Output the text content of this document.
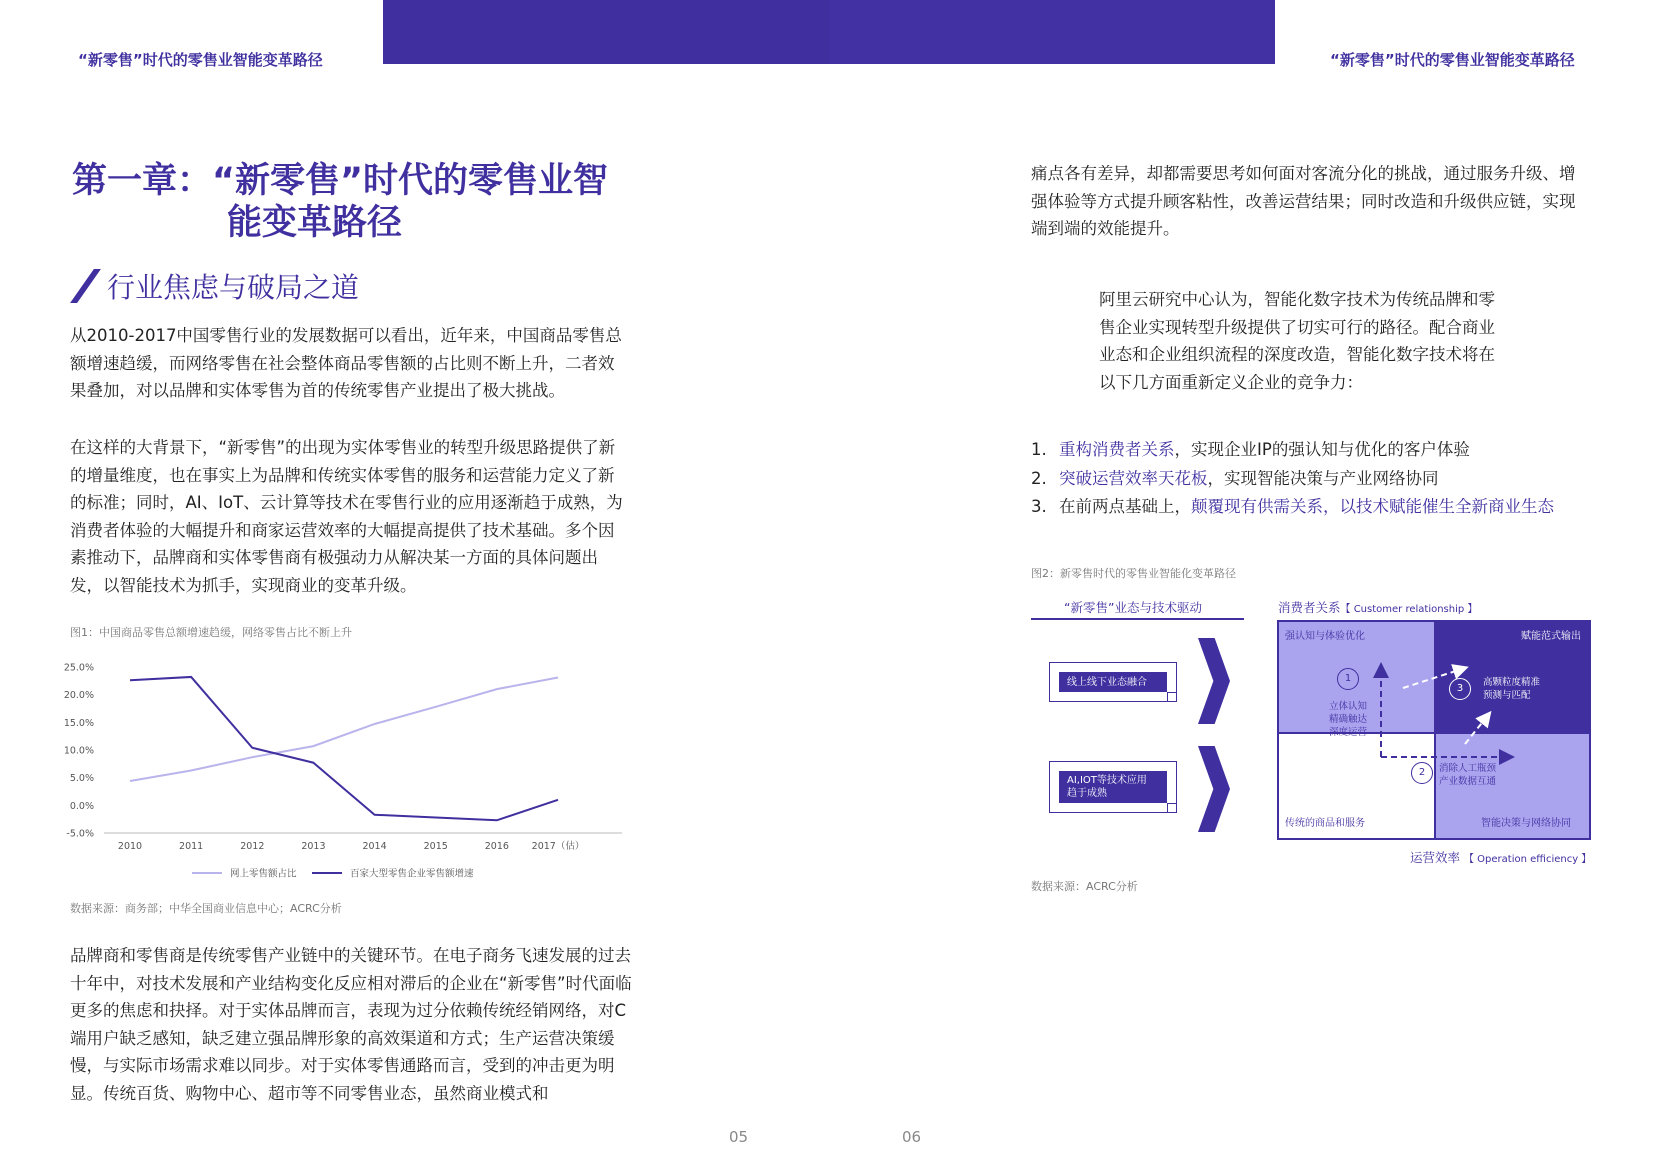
“新零售”时代的零售业智能变革路径	“新零售”时代的零售业智能变革路径
第一章：“新零售”时代的零售业智
能变革路径
行业焦虑与破局之道

从2010-2017中国零售行业的发展数据可以看出，近年来，中国商品零售总额增速趋缓，而网络零售在社会整体商品零售额的占比则不断上升，二者效果叠加，对以品牌和实体零售为首的传统零售产业提出了极大挑战。

在这样的大背景下，“新零售”的出现为实体零售业的转型升级思路提供了新的增量维度，也在事实上为品牌和传统实体零售的服务和运营能力定义了新的标准；同时，AI、IoT、云计算等技术在零售行业的应用逐渐趋于成熟，为消费者体验的大幅提升和商家运营效率的大幅提高提供了技术基础。多个因素推动下，品牌商和实体零售商有极强动力从解决某一方面的具体问题出发，以智能技术为抓手，实现商业的变革升级。

图1：中国商品零售总额增速趋缓，网络零售占比不断上升
25.0%
20.0%
15.0%
10.0%
5.0%
0.0%
-5.0%
2010	2011	2012	2013	2014	2015	2016 2017（估）
网上零售额占比	百家大型零售企业零售额增速
数据来源：商务部；中华全国商业信息中心；ACRC分析

品牌商和零售商是传统零售产业链中的关键环节。在电子商务飞速发展的过去十年中，对技术发展和产业结构变化反应相对滞后的企业在“新零售”时代面临更多的焦虑和抉择。对于实体品牌而言，表现为过分依赖传统经销网络，对C端用户缺乏感知，缺乏建立强品牌形象的高效渠道和方式；生产运营决策缓慢，与实际市场需求难以同步。对于实体零售通路而言，受到的冲击更为明显。传统百货、购物中心、超市等不同零售业态，虽然商业模式和

痛点各有差异，却都需要思考如何面对客流分化的挑战，通过服务升级、增强体验等方式提升顾客粘性，改善运营结果；同时改造和升级供应链，实现端到端的效能提升。

阿里云研究中心认为，智能化数字技术为传统品牌和零售企业实现转型升级提供了切实可行的路径。配合商业业态和企业组织流程的深度改造，智能化数字技术将在以下几方面重新定义企业的竞争力：

1. 重构消费者关系，实现企业IP的强认知与优化的客户体验
2. 突破运营效率天花板，实现智能决策与产业网络协同
3. 在前两点基础上，颠覆现有供需关系，以技术赋能催生全新商业生态
图2：新零售时代的零售业智能化变革路径
“新零售”业态与技术驱动
线上线下业态融合
AI,IOT等技术应用
趋于成熟
消费者关系【 Customer relationship 】
强认知与体验优化	赋能范式输出
传统的商品和服务	智能决策与网络协同
1
2
3
立体认知
精确触达
深度运营
消除人工瓶颈
产业数据互通
高颗粒度精准
预测与匹配
运营效率 【 Operation efficiency 】
数据来源：ACRC分析
05	06
